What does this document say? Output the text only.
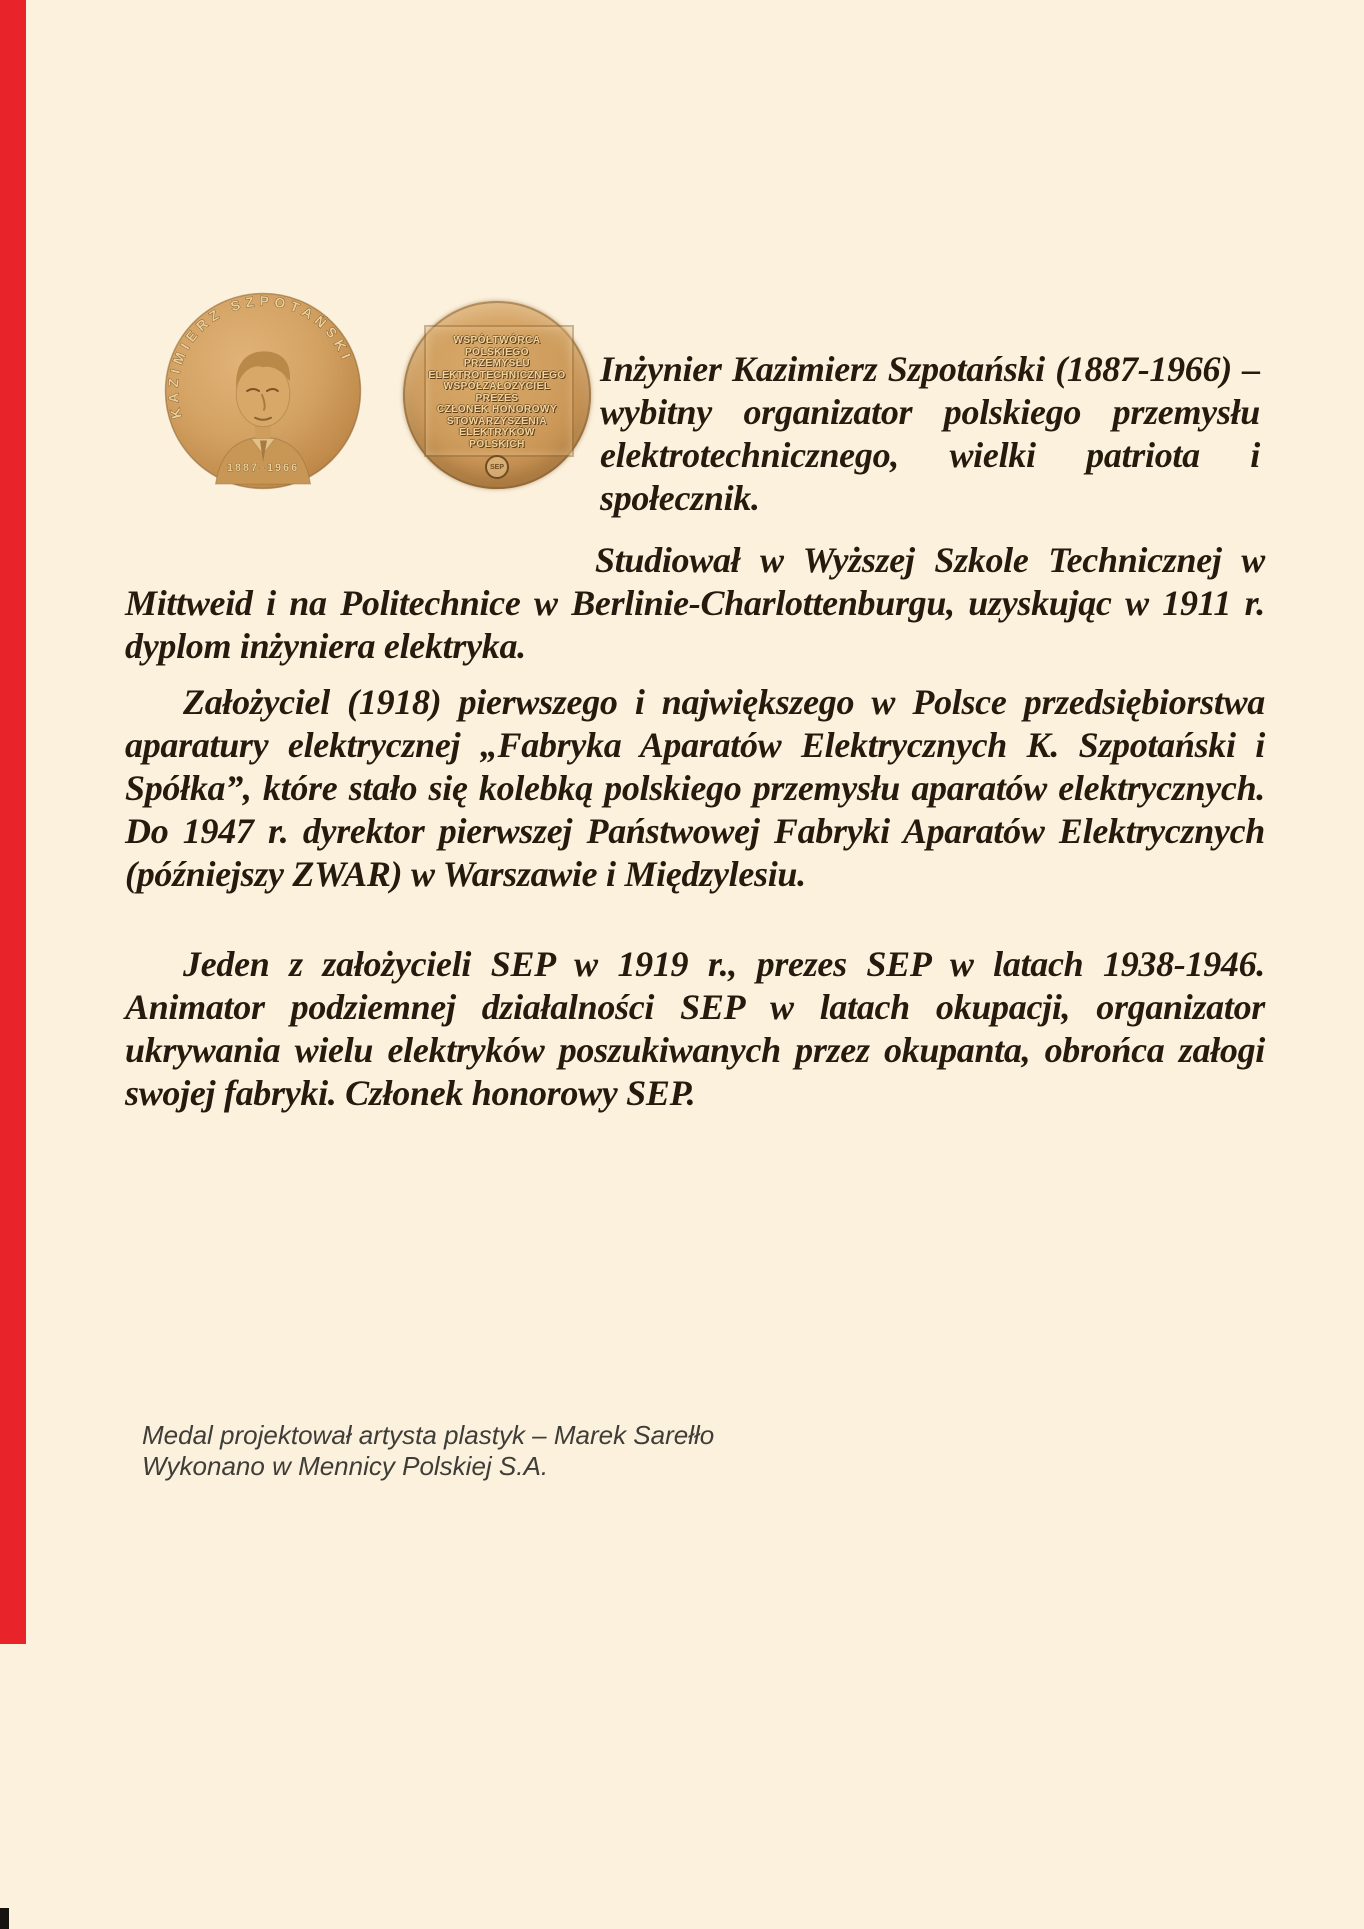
KAZIMIERZ SZPOTAŃSKI
1887–1966
WSPÓŁTWÓRCA
POLSKIEGO
PRZEMYSŁU
ELEKTROTECHNICZNEGO
WSPÓŁZAŁOŻYCIEL
PREZES
CZŁONEK HONOROWY
STOWARZYSZENIA
ELEKTRYKÓW
POLSKICH
SEP

Inżynier Kazimierz Szpotański (1887-1966) – wybitny organizator polskiego przemysłu elektrotechnicznego, wielki patriota i społecznik.

Studiował w Wyższej Szkole Technicznej w Mittweid i na Politechnice w Berlinie-Charlottenburgu, uzyskując w 1911 r. dyplom inżyniera elektryka.

Założyciel (1918) pierwszego i największego w Polsce przedsiębiorstwa aparatury elektrycznej „Fabryka Aparatów Elektrycznych K. Szpotański i Spółka”, które stało się kolebką polskiego przemysłu aparatów elektrycznych. Do 1947 r. dyrektor pierwszej Państwowej Fabryki Aparatów Elektrycznych (późniejszy ZWAR) w Warszawie i Międzylesiu.

Jeden z założycieli SEP w 1919 r., prezes SEP w latach 1938-1946. Animator podziemnej działalności SEP w latach okupacji, organizator ukrywania wielu elektryków poszukiwanych przez okupanta, obrońca załogi swojej fabryki. Członek honorowy SEP.

Medal projektował artysta plastyk – Marek Sarełło
Wykonano w Mennicy Polskiej S.A.
